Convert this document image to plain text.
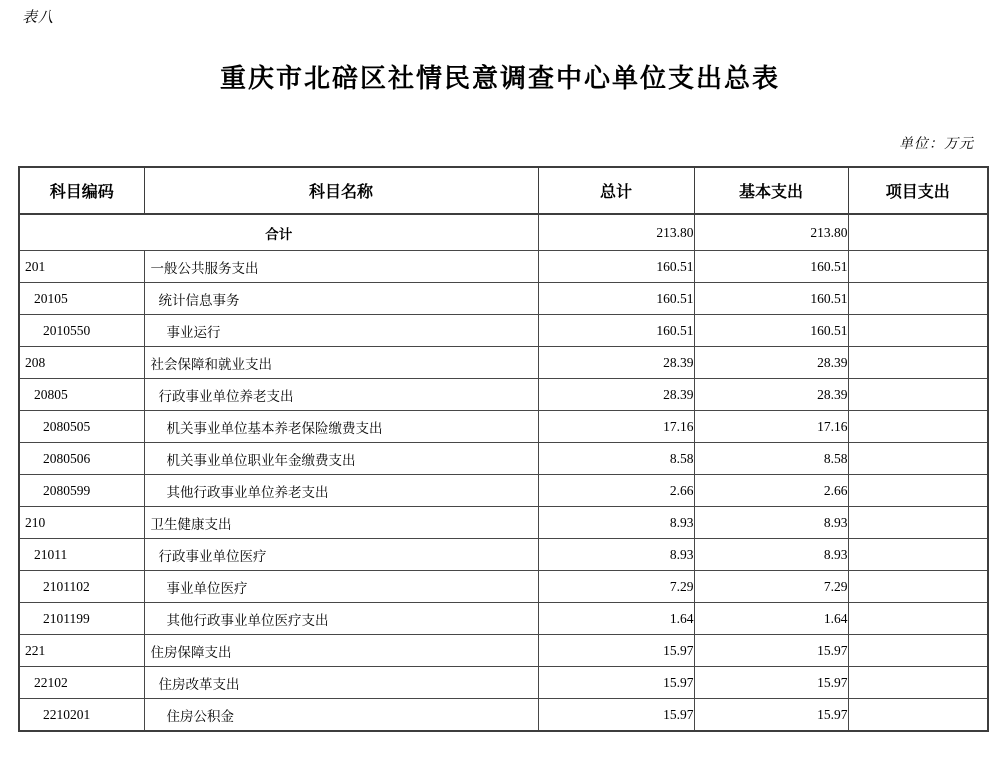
表八
重庆市北碚区社情民意调查中心单位支出总表
单位：万元
科目编码	科目名称	总计	基本支出	项目支出
合计		213.80	213.80	
201	一般公共服务支出	160.51	160.51	
20105	统计信息事务	160.51	160.51	
2010550	事业运行	160.51	160.51	
208	社会保障和就业支出	28.39	28.39	
20805	行政事业单位养老支出	28.39	28.39	
2080505	机关事业单位基本养老保险缴费支出	17.16	17.16	
2080506	机关事业单位职业年金缴费支出	8.58	8.58	
2080599	其他行政事业单位养老支出	2.66	2.66	
210	卫生健康支出	8.93	8.93	
21011	行政事业单位医疗	8.93	8.93	
2101102	事业单位医疗	7.29	7.29	
2101199	其他行政事业单位医疗支出	1.64	1.64	
221	住房保障支出	15.97	15.97	
22102	住房改革支出	15.97	15.97	
2210201	住房公积金	15.97	15.97	
